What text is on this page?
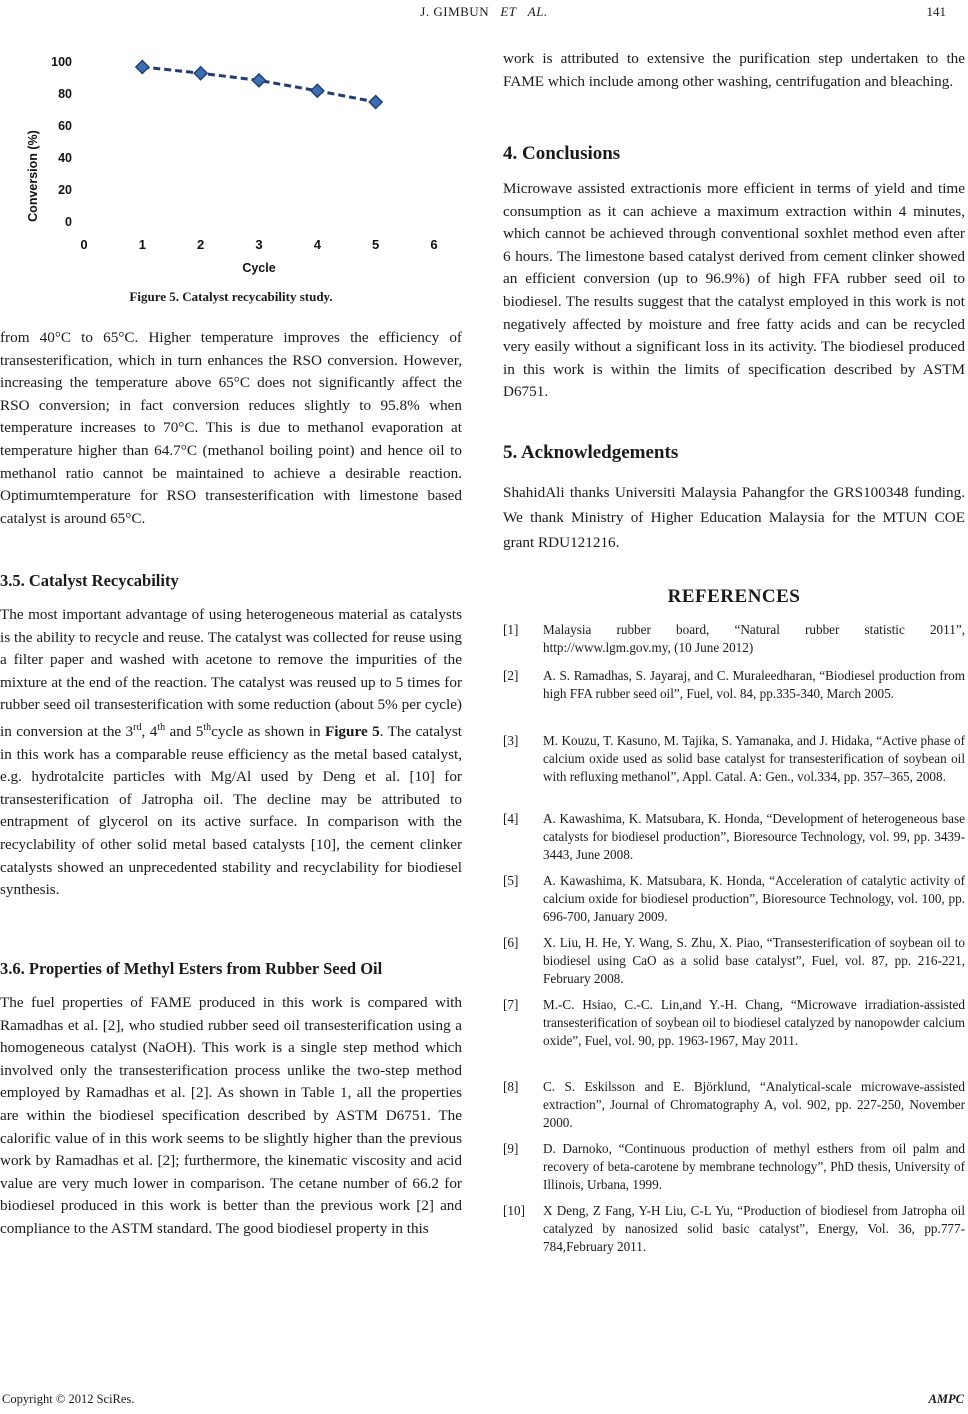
J. GIMBUN ET AL.	141
0
20
40
60
80
100
0	1	2	3	4	5	6
Conversion (%)
Cycle
Figure 5. Catalyst recycability study.

from 40°C to 65°C. Higher temperature improves the efficiency of transesterification, which in turn enhances the RSO conversion. However, increasing the temperature above 65°C does not significantly affect the RSO conversion; in fact conversion reduces slightly to 95.8% when temperature increases to 70°C. This is due to methanol evaporation at temperature higher than 64.7°C (methanol boiling point) and hence oil to methanol ratio cannot be maintained to achieve a desirable reaction. Optimumtemperature for RSO transesterification with limestone based catalyst is around 65°C.

3.5. Catalyst Recycability

The most important advantage of using heterogeneous material as catalysts is the ability to recycle and reuse. The catalyst was collected for reuse using a filter paper and washed with acetone to remove the impurities of the mixture at the end of the reaction. The catalyst was reused up to 5 times for rubber seed oil transesterification with some reduction (about 5% per cycle) in conversion at the 3rd, 4th and 5thcycle as shown in Figure 5. The catalyst in this work has a comparable reuse efficiency as the metal based catalyst, e.g. hydrotalcite particles with Mg/Al used by Deng et al. [10] for transesterification of Jatropha oil. The decline may be attributed to entrapment of glycerol on its active surface. In comparison with the recyclability of other solid metal based catalysts [10], the cement clinker catalysts showed an unprecedented stability and recyclability for biodiesel synthesis.

3.6. Properties of Methyl Esters from Rubber Seed Oil

The fuel properties of FAME produced in this work is compared with Ramadhas et al. [2], who studied rubber seed oil transesterification using a homogeneous catalyst (NaOH). This work is a single step method which involved only the transesterification process unlike the two-step method employed by Ramadhas et al. [2]. As shown in Table 1, all the properties are within the biodiesel specification described by ASTM D6751. The calorific value of in this work seems to be slightly higher than the previous work by Ramadhas et al. [2]; furthermore, the kinematic viscosity and acid value are very much lower in comparison. The cetane number of 66.2 for biodiesel produced in this work is better than the previous work [2] and compliance to the ASTM standard. The good biodiesel property in this

work is attributed to extensive the purification step undertaken to the FAME which include among other washing, centrifugation and bleaching.

4. Conclusions

Microwave assisted extractionis more efficient in terms of yield and time consumption as it can achieve a maximum extraction within 4 minutes, which cannot be achieved through conventional soxhlet method even after 6 hours. The limestone based catalyst derived from cement clinker showed an efficient conversion (up to 96.9%) of high FFA rubber seed oil to biodiesel. The results suggest that the catalyst employed in this work is not negatively affected by moisture and free fatty acids and can be recycled very easily without a significant loss in its activity. The biodiesel produced in this work is within the limits of specification described by ASTM D6751.

5. Acknowledgements

ShahidAli thanks Universiti Malaysia Pahangfor the GRS100348 funding. We thank Ministry of Higher Education Malaysia for the MTUN COE grant RDU121216.

REFERENCES
[1] Malaysia rubber board, “Natural rubber statistic 2011”, http://www.lgm.gov.my, (10 June 2012)
[2] A. S. Ramadhas, S. Jayaraj, and C. Muraleedharan, “Biodiesel production from high FFA rubber seed oil”, Fuel, vol. 84, pp.335-340, March 2005.
[3] M. Kouzu, T. Kasuno, M. Tajika, S. Yamanaka, and J. Hidaka, “Active phase of calcium oxide used as solid base catalyst for transesterification of soybean oil with refluxing methanol”, Appl. Catal. A: Gen., vol.334, pp. 357–365, 2008.
[4] A. Kawashima, K. Matsubara, K. Honda, “Development of heterogeneous base catalysts for biodiesel production”, Bioresource Technology, vol. 99, pp. 3439-3443, June 2008.
[5] A. Kawashima, K. Matsubara, K. Honda, “Acceleration of catalytic activity of calcium oxide for biodiesel production”, Bioresource Technology, vol. 100, pp. 696-700, January 2009.
[6] X. Liu, H. He, Y. Wang, S. Zhu, X. Piao, “Transesterification of soybean oil to biodiesel using CaO as a solid base catalyst”, Fuel, vol. 87, pp. 216-221, February 2008.
[7] M.-C. Hsiao, C.-C. Lin,and Y.-H. Chang, “Microwave irradiation-assisted transesterification of soybean oil to biodiesel catalyzed by nanopowder calcium oxide”, Fuel, vol. 90, pp. 1963-1967, May 2011.
[8] C. S. Eskilsson and E. Björklund, “Analytical-scale microwave-assisted extraction”, Journal of Chromatography A, vol. 902, pp. 227-250, November 2000.
[9] D. Darnoko, “Continuous production of methyl esthers from oil palm and recovery of beta-carotene by membrane technology”, PhD thesis, University of Illinois, Urbana, 1999.
[10] X Deng, Z Fang, Y-H Liu, C-L Yu, “Production of biodiesel from Jatropha oil catalyzed by nanosized solid basic catalyst”, Energy, Vol. 36, pp.777-784,February 2011.
Copyright © 2012 SciRes.	AMPC
